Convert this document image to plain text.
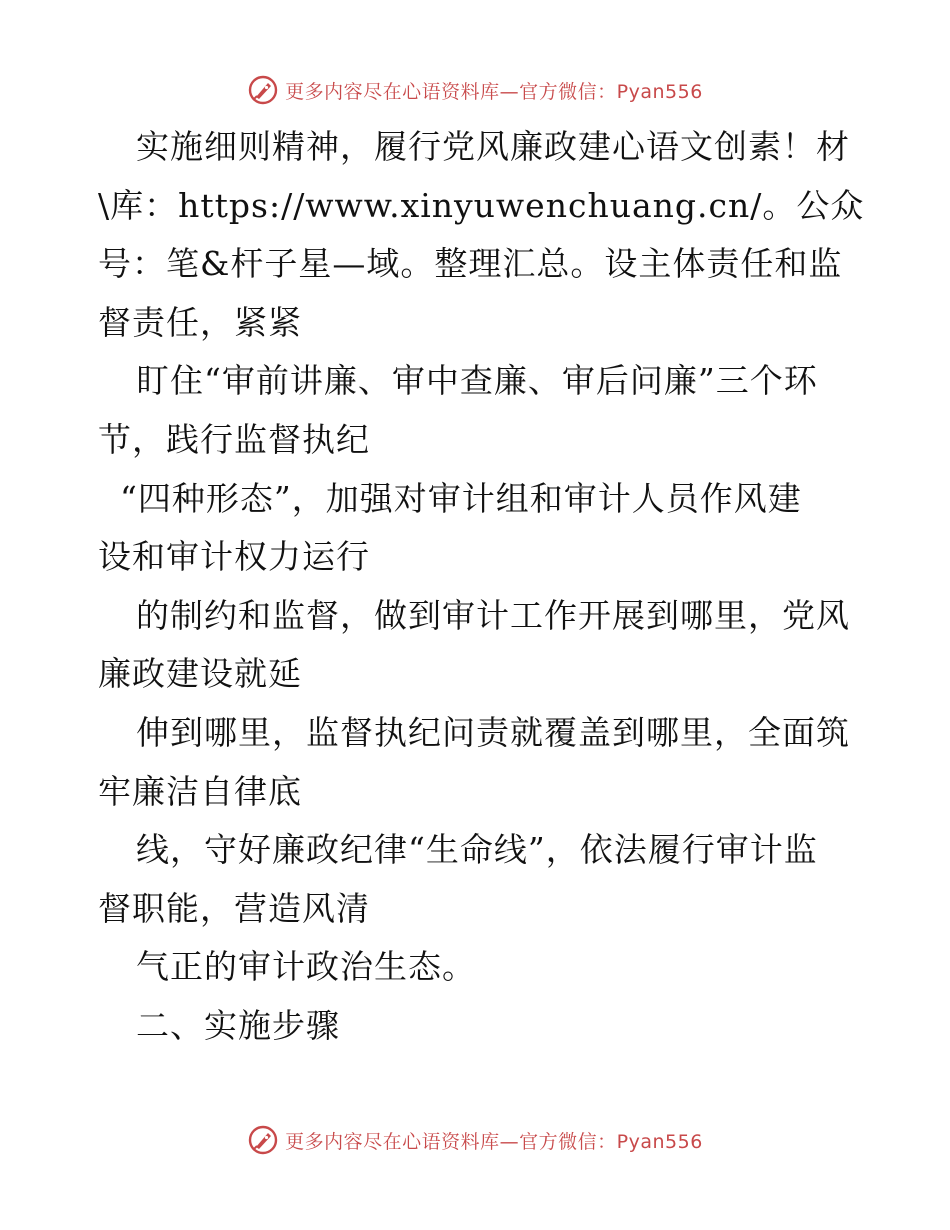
更多内容尽在心语资料库—官方微信：Pyan556
实施细则精神，履行党风廉政建心语文创素！材
\库：https://www.xinyuwenchuang.cn/。公众
号：笔&杆子星—域。整理汇总。设主体责任和监
督责任，紧紧
盯住“审前讲廉、审中查廉、审后问廉”三个环
节，践行监督执纪
“四种形态”，加强对审计组和审计人员作风建
设和审计权力运行
的制约和监督，做到审计工作开展到哪里，党风
廉政建设就延
伸到哪里，监督执纪问责就覆盖到哪里，全面筑
牢廉洁自律底
线，守好廉政纪律“生命线”，依法履行审计监
督职能，营造风清
气正的审计政治生态。
二、实施步骤
更多内容尽在心语资料库—官方微信：Pyan556
